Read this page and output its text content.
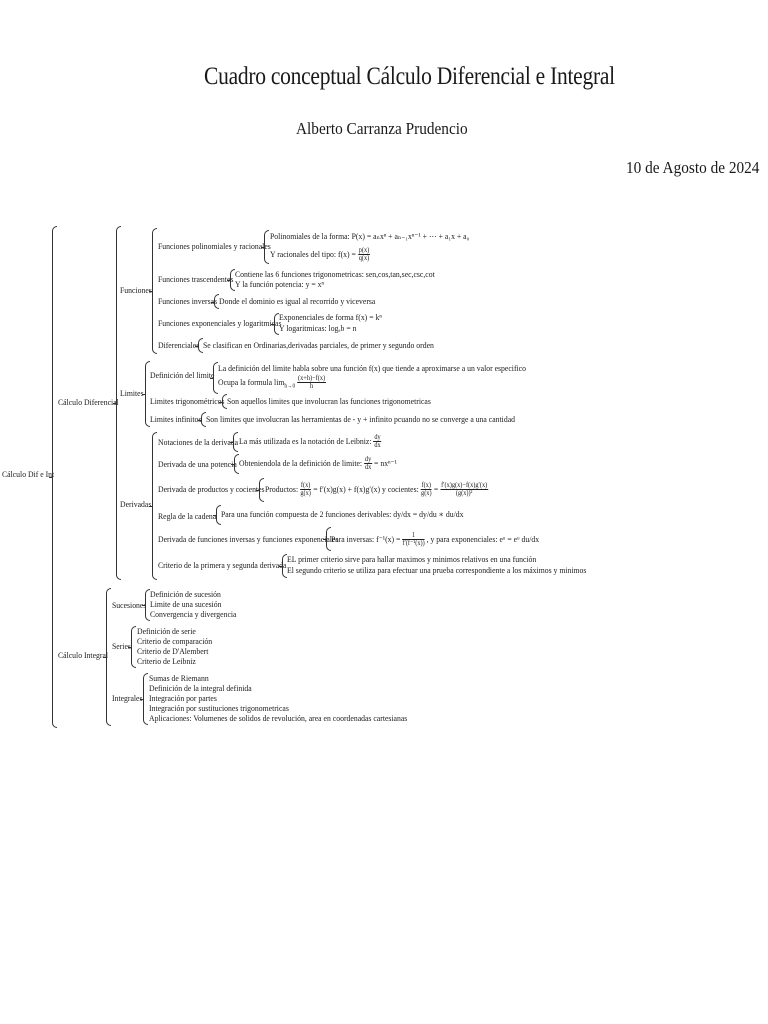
Cuadro conceptual Cálculo Diferencial e Integral
Alberto Carranza Prudencio
10 de Agosto de 2024
Cálculo Dif e Int
Cálculo Diferencial
Funciones
Funciones polinomiales y racionales
Polinomiales de la forma: P(x) = aₙxⁿ + aₙ₋₁xⁿ⁻¹ + ⋯ + a₁x + a₀
Y racionales del tipo: $f(x) = \frac{p(x)}{q(x)}$
Funciones trascendentes Contiene las 6 funciones trigonometricas: sen,cos,tan,sec,csc,cot
Y la función potencia: y = xⁿ
Funciones inversas Donde el dominio es igual al recorrido y viceversa
Funciones exponenciales y logaritmicas
Exponenciales de forma f(x) = kⁿ
Y logaritmicas: logₐb = n
Diferenciales Se clasifican en Ordinarias,derivadas parciales, de primer y segundo orden
Limites
Definición del limite
La definición del limite habla sobre una función f(x) que tiende a aproximarse a un valor especifico
Ocupa la formula $\lim_{h\to 0} \frac{(x+h)-f(x)}{h}$
Limites trigonométricos Son aquellos limites que involucran las funciones trigonometricas
Limites infinitos Son limites que involucran las herramientas de - y + infinito pcuando no se converge a una cantidad
Derivadas
Notaciones de la derivada La más utilizada es la notación de Leibniz: $\frac{dy}{dx}$
Derivada de una potencia Obteniendola de la definición de limite: $\frac{dy}{dx} = nx^{n-1}$
Derivada de productos y cocientes Productos: $\frac{f(x)}{g(x)} = f'(x)g(x) + f(x)g'(x)$ y cocientes: $\frac{f(x)}{g(x)} = \frac{f'(x)g(x)-f(x)g'(x)}{\text{(g(x))²}}$
Regla de la cadena Para una función compuesta de 2 funciones derivables: dy/dx = dy/du ∗ du/dx
Derivada de funciones inversas y funciones exponenciales
Para inversas: $f^{-1}(x) = \frac{1}{\text{f′(f⁻¹(x))}}$ , y para exponenciales: eᵘ = eᵘ du/dx
Criterio de la primera y segunda derivada
EL primer criterio sirve para hallar maximos y minimos relativos en una función
El segundo criterio se utiliza para efectuar una prueba correspondiente a los máximos y minimos
Cálculo Integral
Sucesiones
Definición de sucesión
Limite de una sucesión
Convergencia y divergencia
Series
Definición de serie
Criterio de comparación
Criterio de D'Alembert
Criterio de Leibniz
Integrales
Sumas de Riemann
Definición de la integral definida
Integración por partes
Integración por sustituciones trigonometricas
Aplicaciones: Volumenes de solidos de revolución, area en coordenadas cartesianas
